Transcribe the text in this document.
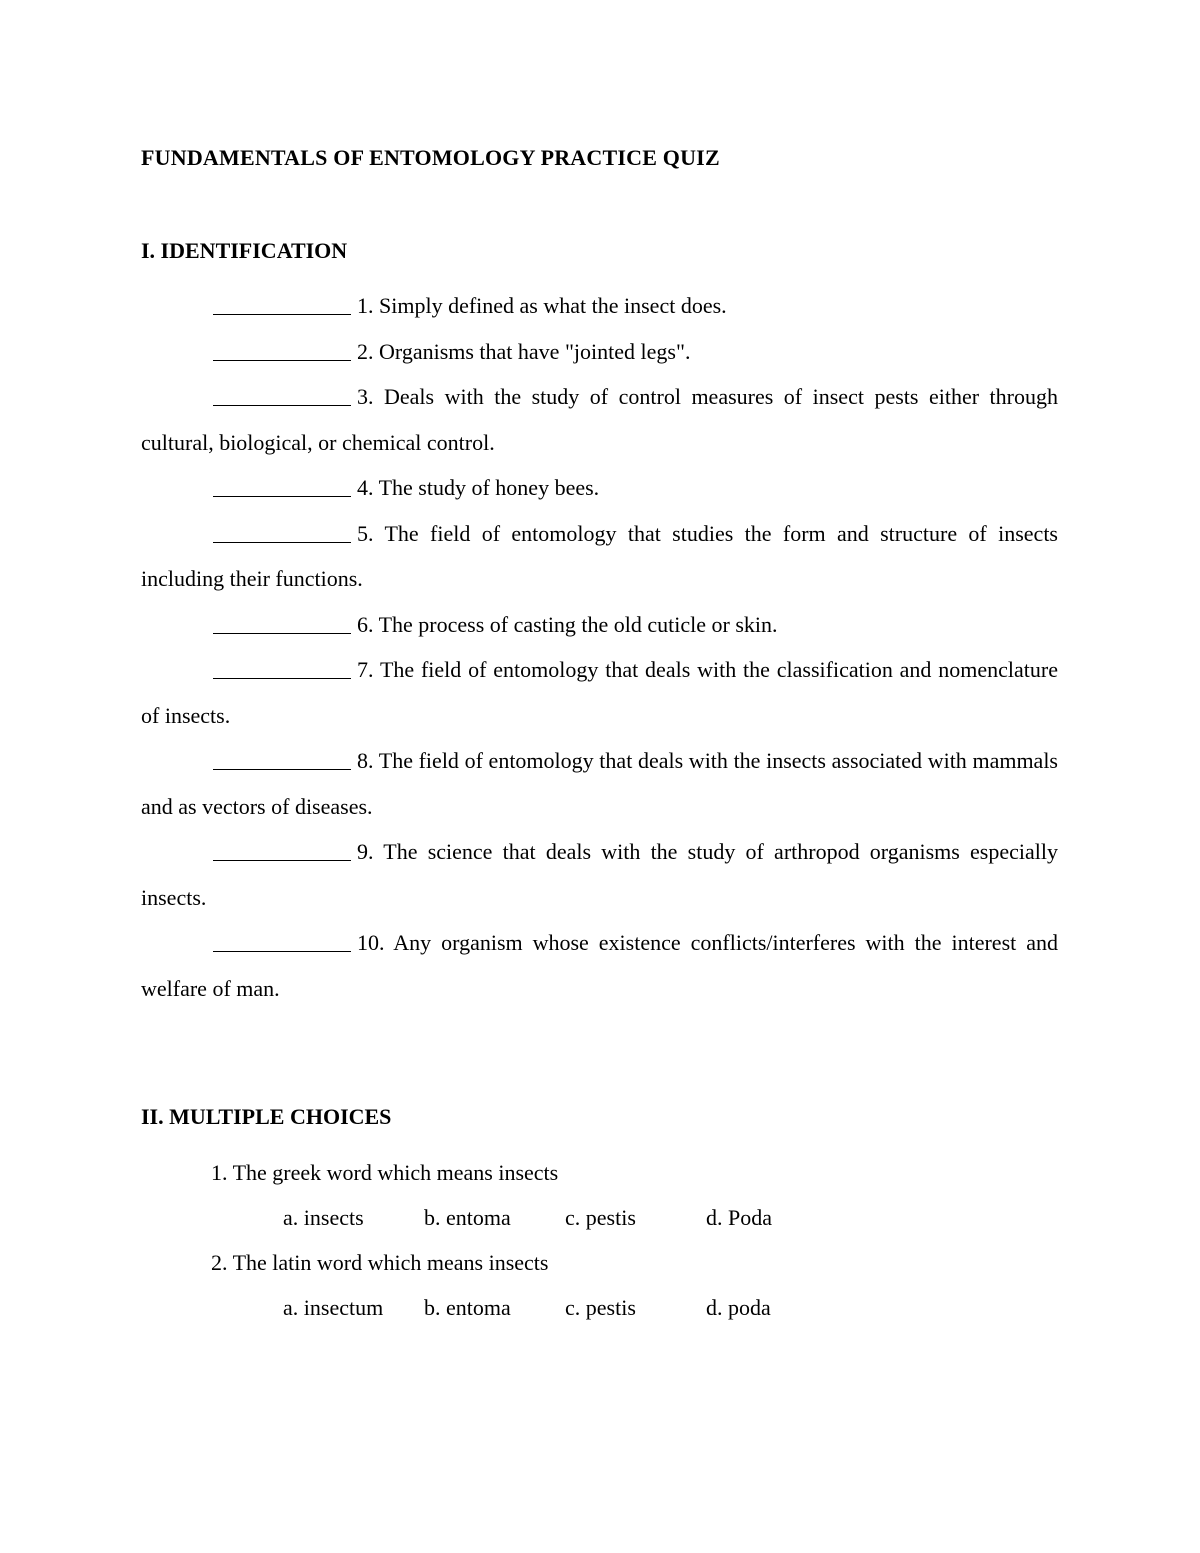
FUNDAMENTALS OF ENTOMOLOGY PRACTICE QUIZ
I. IDENTIFICATION

1. Simply defined as what the insect does.

2. Organisms that have "jointed legs".

3. Deals with the study of control measures of insect pests either through cultural, biological, or chemical control.

4. The study of honey bees.

5. The field of entomology that studies the form and structure of insects including their functions.

6. The process of casting the old cuticle or skin.

7. The field of entomology that deals with the classification and nomenclature of insects.

8. The field of entomology that deals with the insects associated with mammals and as vectors of diseases.

9. The science that deals with the study of arthropod organisms especially insects.

10. Any organism whose existence conflicts/interferes with the interest and welfare of man.

II. MULTIPLE CHOICES
1. The greek word which means insects
a. insects	b. entoma c. pestis	d. Poda
2. The latin word which means insects
a. insectum b. entoma c. pestis	d. poda
